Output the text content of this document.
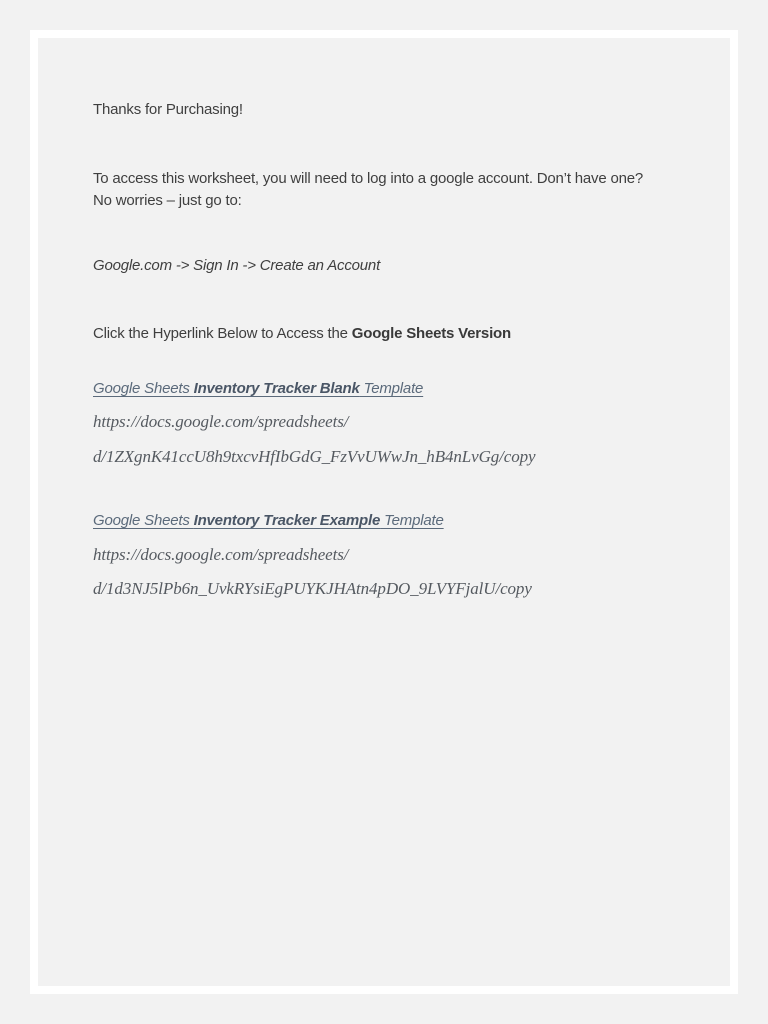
Thanks for Purchasing!

To access this worksheet, you will need to log into a google account. Don’t have one?

No worries – just go to:

Google.com -> Sign In -> Create an Account

Click the Hyperlink Below to Access the Google Sheets Version

Google Sheets Inventory Tracker Blank Template

https://docs.google.com/spreadsheets/

d/1ZXgnK41ccU8h9txcvHfIbGdG_FzVvUWwJn_hB4nLvGg/copy

Google Sheets Inventory Tracker Example Template

https://docs.google.com/spreadsheets/

d/1d3NJ5lPb6n_UvkRYsiEgPUYKJHAtn4pDO_9LVYFjalU/copy
